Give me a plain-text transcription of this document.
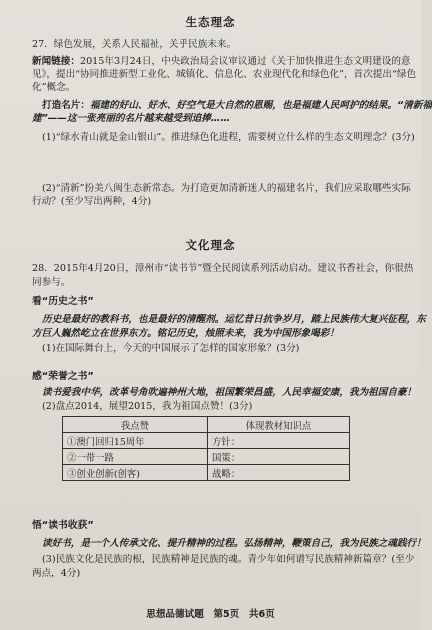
生态理念
27．绿色发展，关系人民福祉，关乎民族未来。
新闻链接：2015年3月24日，中央政治局会议审议通过《关于加快推进生态文明建设的意
见》，提出“协同推进新型工业化、城镇化、信息化、农业现代化和绿色化”，首次提出“绿色
化”概念。
打造名片：福建的好山、好水、好空气是大自然的恩赐，也是福建人民呵护的结果。“清新福
建”——这一张亮丽的名片越来越受到追捧……
(1)“绿水青山就是金山银山”。推进绿色化进程，需要树立什么样的生态文明理念？(3分)
(2)“清新”扮美八闽生态新常态。为打造更加清新迷人的福建名片，我们应采取哪些实际
行动？(至少写出两种，4分)
文化理念
28．2015年4月20日，漳州市“读书节”暨全民阅读系列活动启动。建议书香社会，你很热
同参与。
看“历史之书”
历史是最好的教科书，也是最好的清醒剂。运忆昔日抗争岁月，踏上民族伟大复兴征程，东
方巨人巍然屹立在世界东方。铭记历史，烛照未来，我为中国形象喝彩！
(1)在国际舞台上，今天的中国展示了怎样的国家形象？(3分)
感“荣誉之书”
读书爱我中华，改革号角吹遍神州大地，祖国繁荣昌盛，人民幸福安康，我为祖国自豪！
(2)盘点2014，展望2015，我为祖国点赞！(3分)
我点赞	体现教材知识点
①澳门回归15周年	方针：
②一带一路	国策：
③创业创新(创客)	战略：
悟“读书收获”
读好书，是一个人传承文化、提升精神的过程。弘扬精神，鞭策自己，我为民族之魂践行！
(3)民族文化是民族的根，民族精神是民族的魂。青少年如何谱写民族精神新篇章？(至少
两点，4分)
思想品德试题　第5页　共6页
